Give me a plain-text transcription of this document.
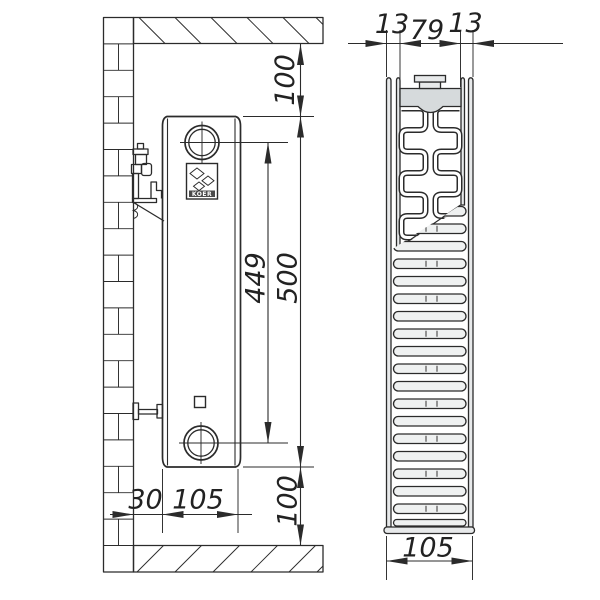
KOER
100
500
449
100
30 105
13 79 13
105
